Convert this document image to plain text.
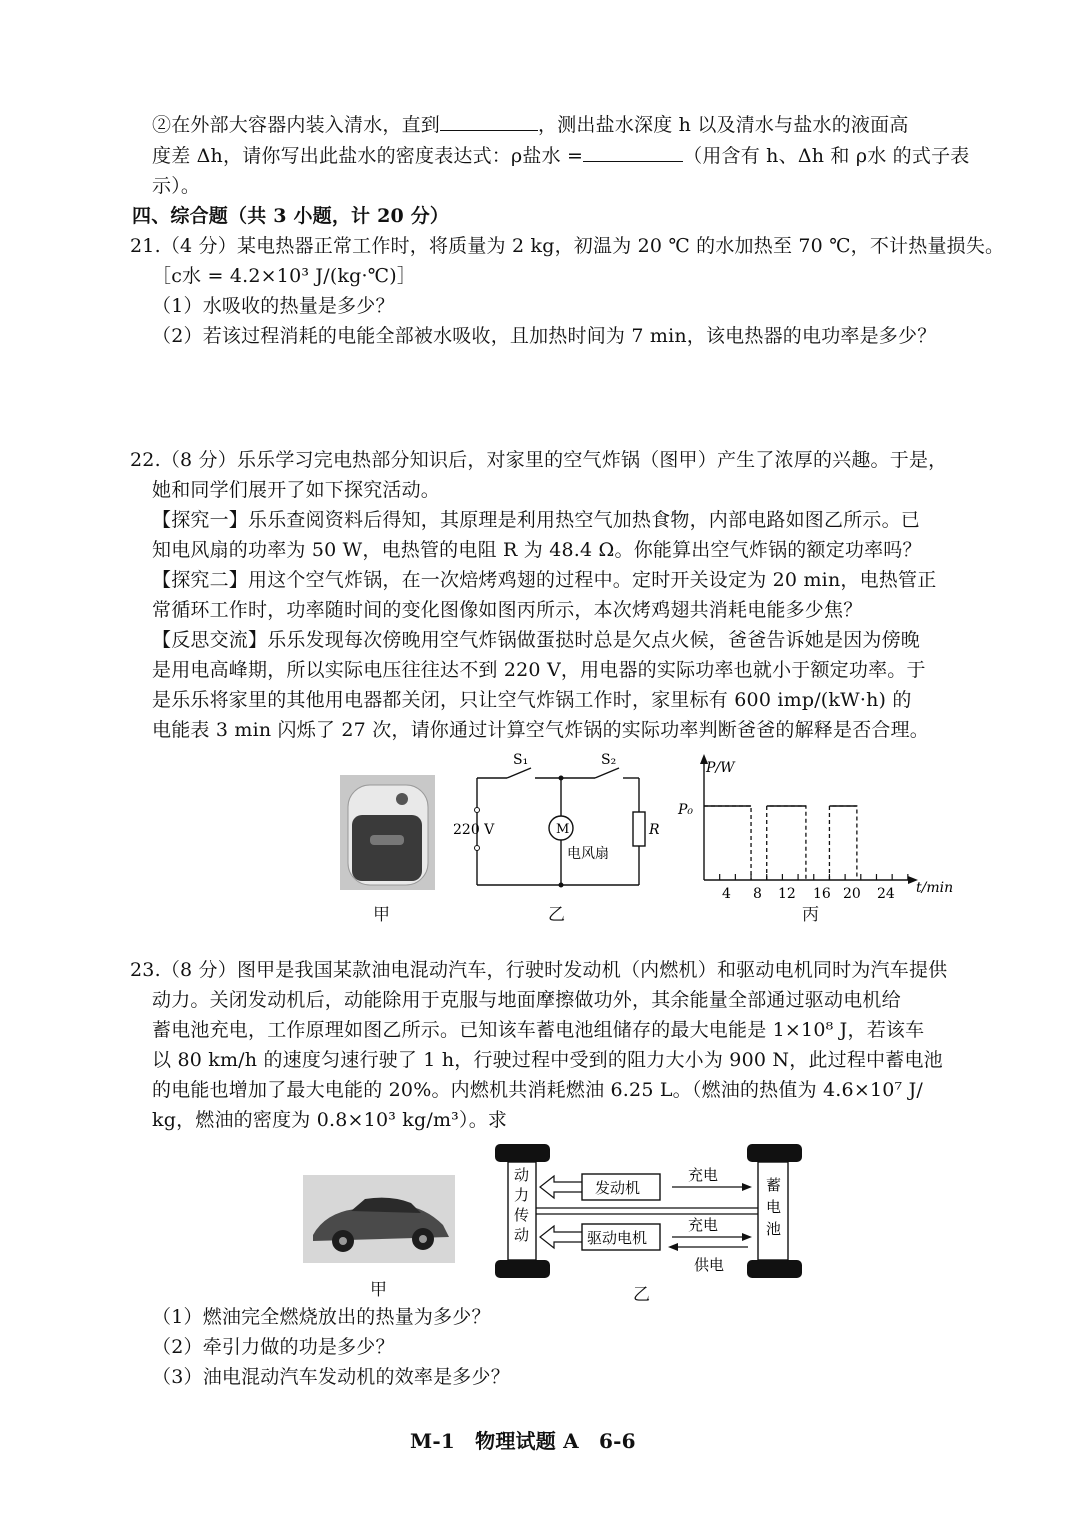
②在外部大容器内装入清水，直到	，测出盐水深度 h 以及清水与盐水的液面高
度差 Δh，请你写出此盐水的密度表达式：ρ盐水 =	（用含有 h、Δh 和 ρ水 的式子表
示）。
四、综合题（共 3 小题，计 20 分）
21.（4 分）某电热器正常工作时，将质量为 2 kg，初温为 20 ℃ 的水加热至 70 ℃，不计热量损失。
［c水 = 4.2×10³ J/(kg·℃)］
（1）水吸收的热量是多少？
（2）若该过程消耗的电能全部被水吸收，且加热时间为 7 min，该电热器的电功率是多少？
22.（8 分）乐乐学习完电热部分知识后，对家里的空气炸锅（图甲）产生了浓厚的兴趣。于是，
她和同学们展开了如下探究活动。
【探究一】乐乐查阅资料后得知，其原理是利用热空气加热食物，内部电路如图乙所示。已
知电风扇的功率为 50 W，电热管的电阻 R 为 48.4 Ω。你能算出空气炸锅的额定功率吗？
【探究二】用这个空气炸锅，在一次焙烤鸡翅的过程中。定时开关设定为 20 min，电热管正
常循环工作时，功率随时间的变化图像如图丙所示，本次烤鸡翅共消耗电能多少焦？
【反思交流】乐乐发现每次傍晚用空气炸锅做蛋挞时总是欠点火候，爸爸告诉她是因为傍晚
是用电高峰期，所以实际电压往往达不到 220 V，用电器的实际功率也就小于额定功率。于
是乐乐将家里的其他用电器都关闭，只让空气炸锅工作时，家里标有 600 imp/(kW·h) 的
电能表 3 min 闪烁了 27 次，请你通过计算空气炸锅的实际功率判断爸爸的解释是否合理。
甲
S₁	S₂
220 V	M
电风扇
R
乙
P/W
P₀
4 8 12 16 20 24 t/min
丙
23.（8 分）图甲是我国某款油电混动汽车，行驶时发动机（内燃机）和驱动电机同时为汽车提供
动力。关闭发动机后，动能除用于克服与地面摩擦做功外，其余能量全部通过驱动电机给
蓄电池充电，工作原理如图乙所示。已知该车蓄电池组储存的最大电能是 1×10⁸ J，若该车
以 80 km/h 的速度匀速行驶了 1 h，行驶过程中受到的阻力大小为 900 N，此过程中蓄电池
的电能也增加了最大电能的 20%。内燃机共消耗燃油 6.25 L。（燃油的热值为 4.6×10⁷ J/
kg，燃油的密度为 0.8×10³ kg/m³）。求
甲
动
力
传
动
发动机
驱动电机
充电
充电
供电
蓄
电
池
乙
（1）燃油完全燃烧放出的热量为多少？
（2）牵引力做的功是多少？
（3）油电混动汽车发动机的效率是多少？
M-1　物理试题 A　6-6
